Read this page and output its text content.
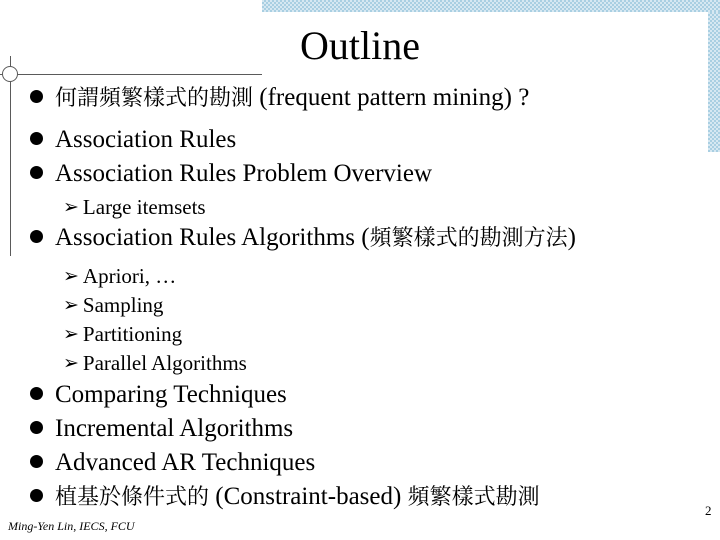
Outline
何謂頻繁樣式的勘測 (frequent pattern mining) ?
Association Rules
Association Rules Problem Overview
➢ Large itemsets
Association Rules Algorithms (頻繁樣式的勘測方法)
➢ Apriori, …
➢ Sampling
➢ Partitioning
➢ Parallel Algorithms
Comparing Techniques
Incremental Algorithms
Advanced AR Techniques
植基於條件式的 (Constraint-based) 頻繁樣式勘測
Ming-Yen Lin, IECS, FCU
2
